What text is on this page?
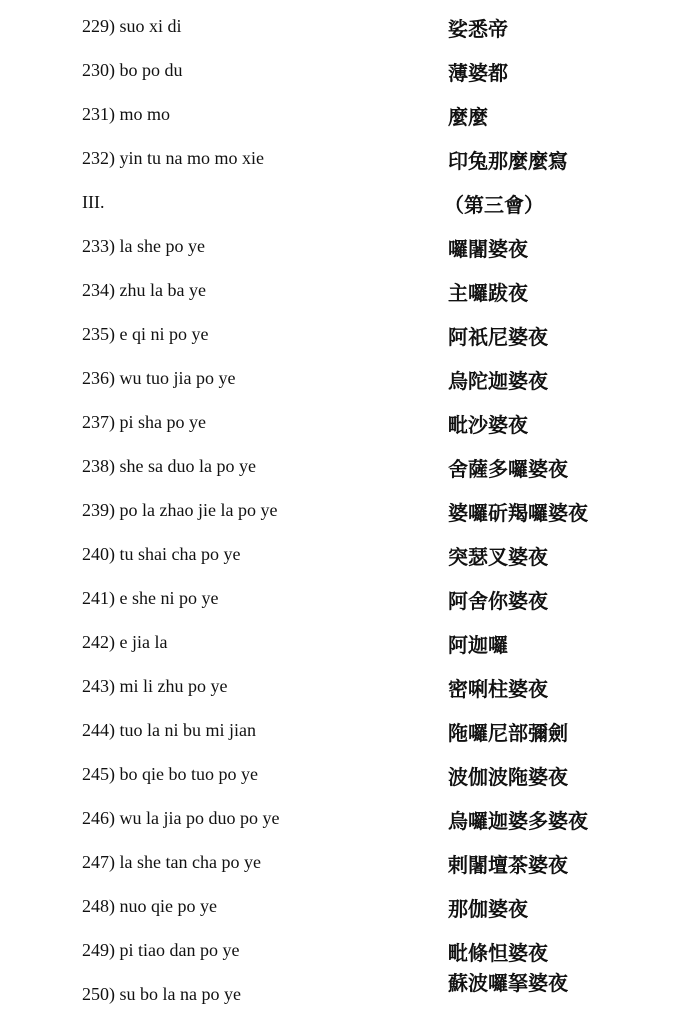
229) suo xi di	娑悉帝
230) bo po du	薄婆都
231) mo mo	麼麼
232) yin tu na mo mo xie	印兔那麼麼寫
III.	（第三會）
233) la she po ye	囉闍婆夜
234) zhu la ba ye	主囉跋夜
235) e qi ni po ye	阿祇尼婆夜
236) wu tuo jia po ye	烏陀迦婆夜
237) pi sha po ye	毗沙婆夜
238) she sa duo la po ye	舍薩多囉婆夜
239) po la zhao jie la po ye	婆囉斫羯囉婆夜
240) tu shai cha po ye	突瑟叉婆夜
241) e she ni po ye	阿舍你婆夜
242) e jia la	阿迦囉
243) mi li zhu po ye	密唎柱婆夜
244) tuo la ni bu mi jian	陁囉尼部彌劍
245) bo qie bo tuo po ye	波伽波陁婆夜
246) wu la jia po duo po ye	烏囉迦婆多婆夜
247) la she tan cha po ye	剌闍壇茶婆夜
248) nuo qie po ye	那伽婆夜
249) pi tiao dan po ye	毗條怛婆夜
250) su bo la na po ye	蘇波囉拏婆夜
